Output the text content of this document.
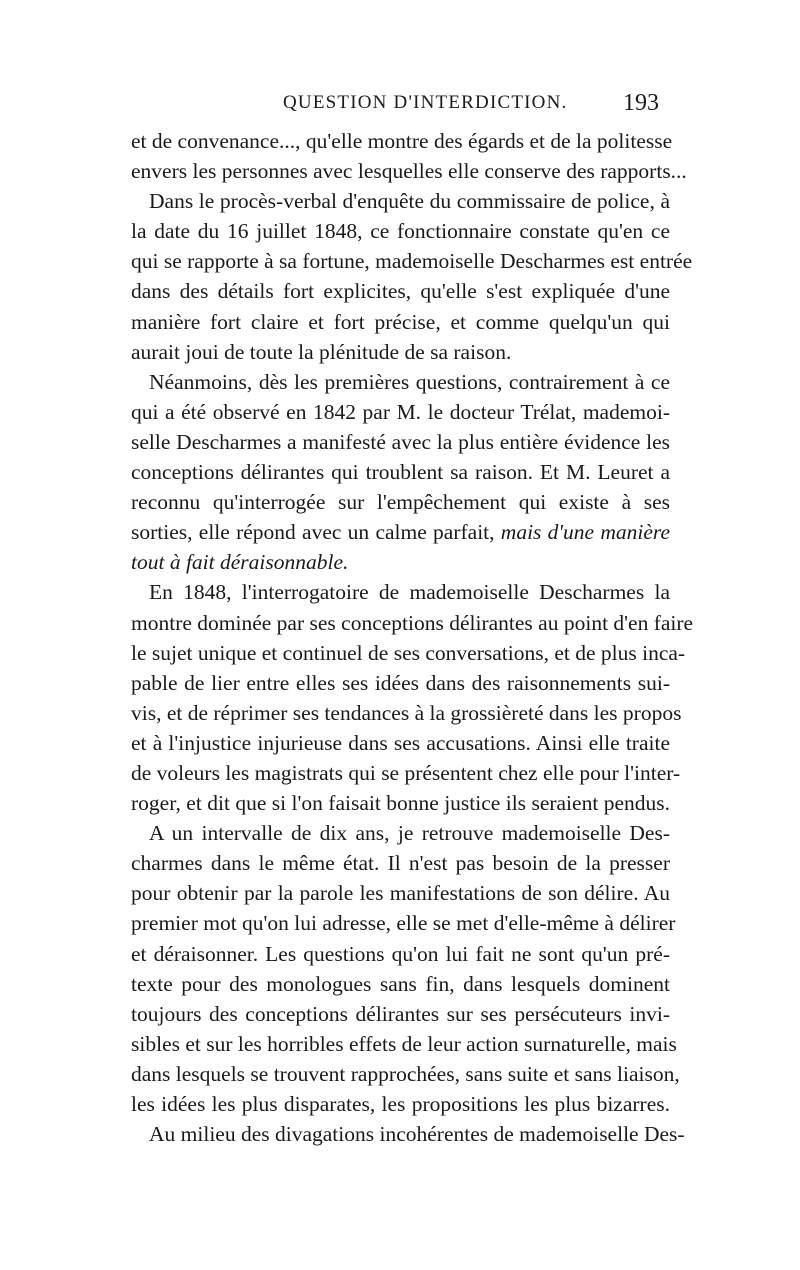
QUESTION D'INTERDICTION. 193
et de convenance..., qu'elle montre des égards et de la politesse
envers les personnes avec lesquelles elle conserve des rapports...
Dans le procès-verbal d'enquête du commissaire de police, à
la date du 16 juillet 1848, ce fonctionnaire constate qu'en ce
qui se rapporte à sa fortune, mademoiselle Descharmes est entrée
dans des détails fort explicites, qu'elle s'est expliquée d'une
manière fort claire et fort précise, et comme quelqu'un qui
aurait joui de toute la plénitude de sa raison.
Néanmoins, dès les premières questions, contrairement à ce
qui a été observé en 1842 par M. le docteur Trélat, mademoi-
selle Descharmes a manifesté avec la plus entière évidence les
conceptions délirantes qui troublent sa raison. Et M. Leuret a
reconnu qu'interrogée sur l'empêchement qui existe à ses
sorties, elle répond avec un calme parfait, mais d'une manière
tout à fait déraisonnable.
En 1848, l'interrogatoire de mademoiselle Descharmes la
montre dominée par ses conceptions délirantes au point d'en faire
le sujet unique et continuel de ses conversations, et de plus inca-
pable de lier entre elles ses idées dans des raisonnements sui-
vis, et de réprimer ses tendances à la grossièreté dans les propos
et à l'injustice injurieuse dans ses accusations. Ainsi elle traite
de voleurs les magistrats qui se présentent chez elle pour l'inter-
roger, et dit que si l'on faisait bonne justice ils seraient pendus.
A un intervalle de dix ans, je retrouve mademoiselle Des-
charmes dans le même état. Il n'est pas besoin de la presser
pour obtenir par la parole les manifestations de son délire. Au
premier mot qu'on lui adresse, elle se met d'elle-même à délirer
et déraisonner. Les questions qu'on lui fait ne sont qu'un pré-
texte pour des monologues sans fin, dans lesquels dominent
toujours des conceptions délirantes sur ses persécuteurs invi-
sibles et sur les horribles effets de leur action surnaturelle, mais
dans lesquels se trouvent rapprochées, sans suite et sans liaison,
les idées les plus disparates, les propositions les plus bizarres.
Au milieu des divagations incohérentes de mademoiselle Des-
